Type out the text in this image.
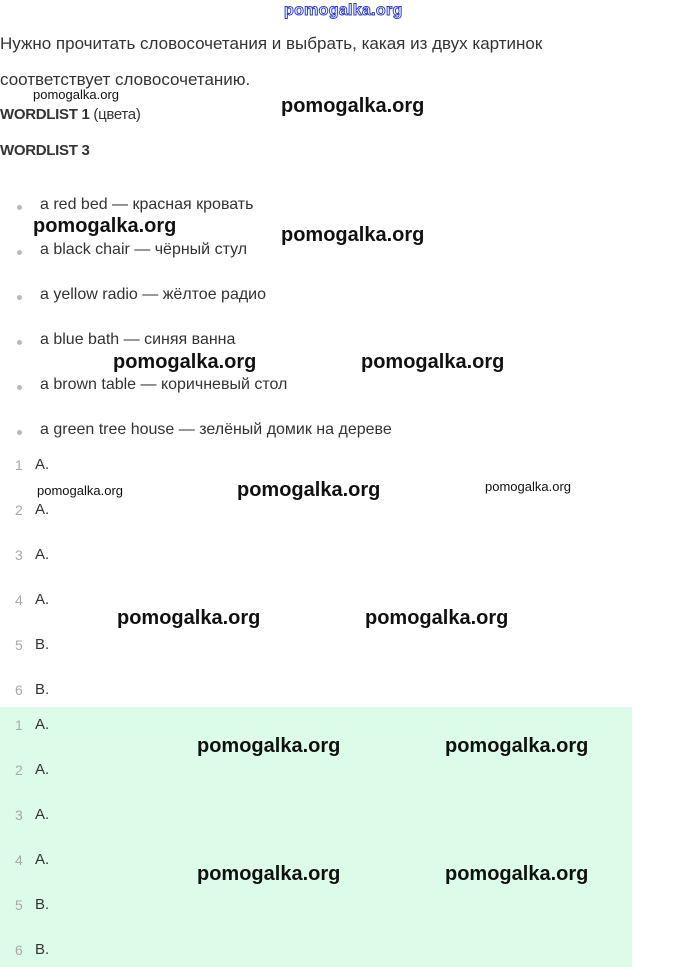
pomogalka.org
Нужно прочитать словосочетания и выбрать, какая из двух картинок
соответствует словосочетанию.
WORDLIST 1 (цвета)
WORDLIST 3
a red bed — красная кровать
a black chair — чёрный стул
a yellow radio — жёлтое радио
a blue bath — синяя ванна
a brown table — коричневый стол
a green tree house — зелёный домик на дереве
1 A.
2 A.
3 A.
4 A.
5 B.
6 B.
1 A.
2 A.
3 A.
4 A.
5 B.
6 B.
pomogalka.org
pomogalka.org
pomogalka.org	pomogalka.org
pomogalka.org	pomogalka.org
pomogalka.org	pomogalka.org	pomogalka.org
pomogalka.org	pomogalka.org
pomogalka.org	pomogalka.org
pomogalka.org	pomogalka.org
